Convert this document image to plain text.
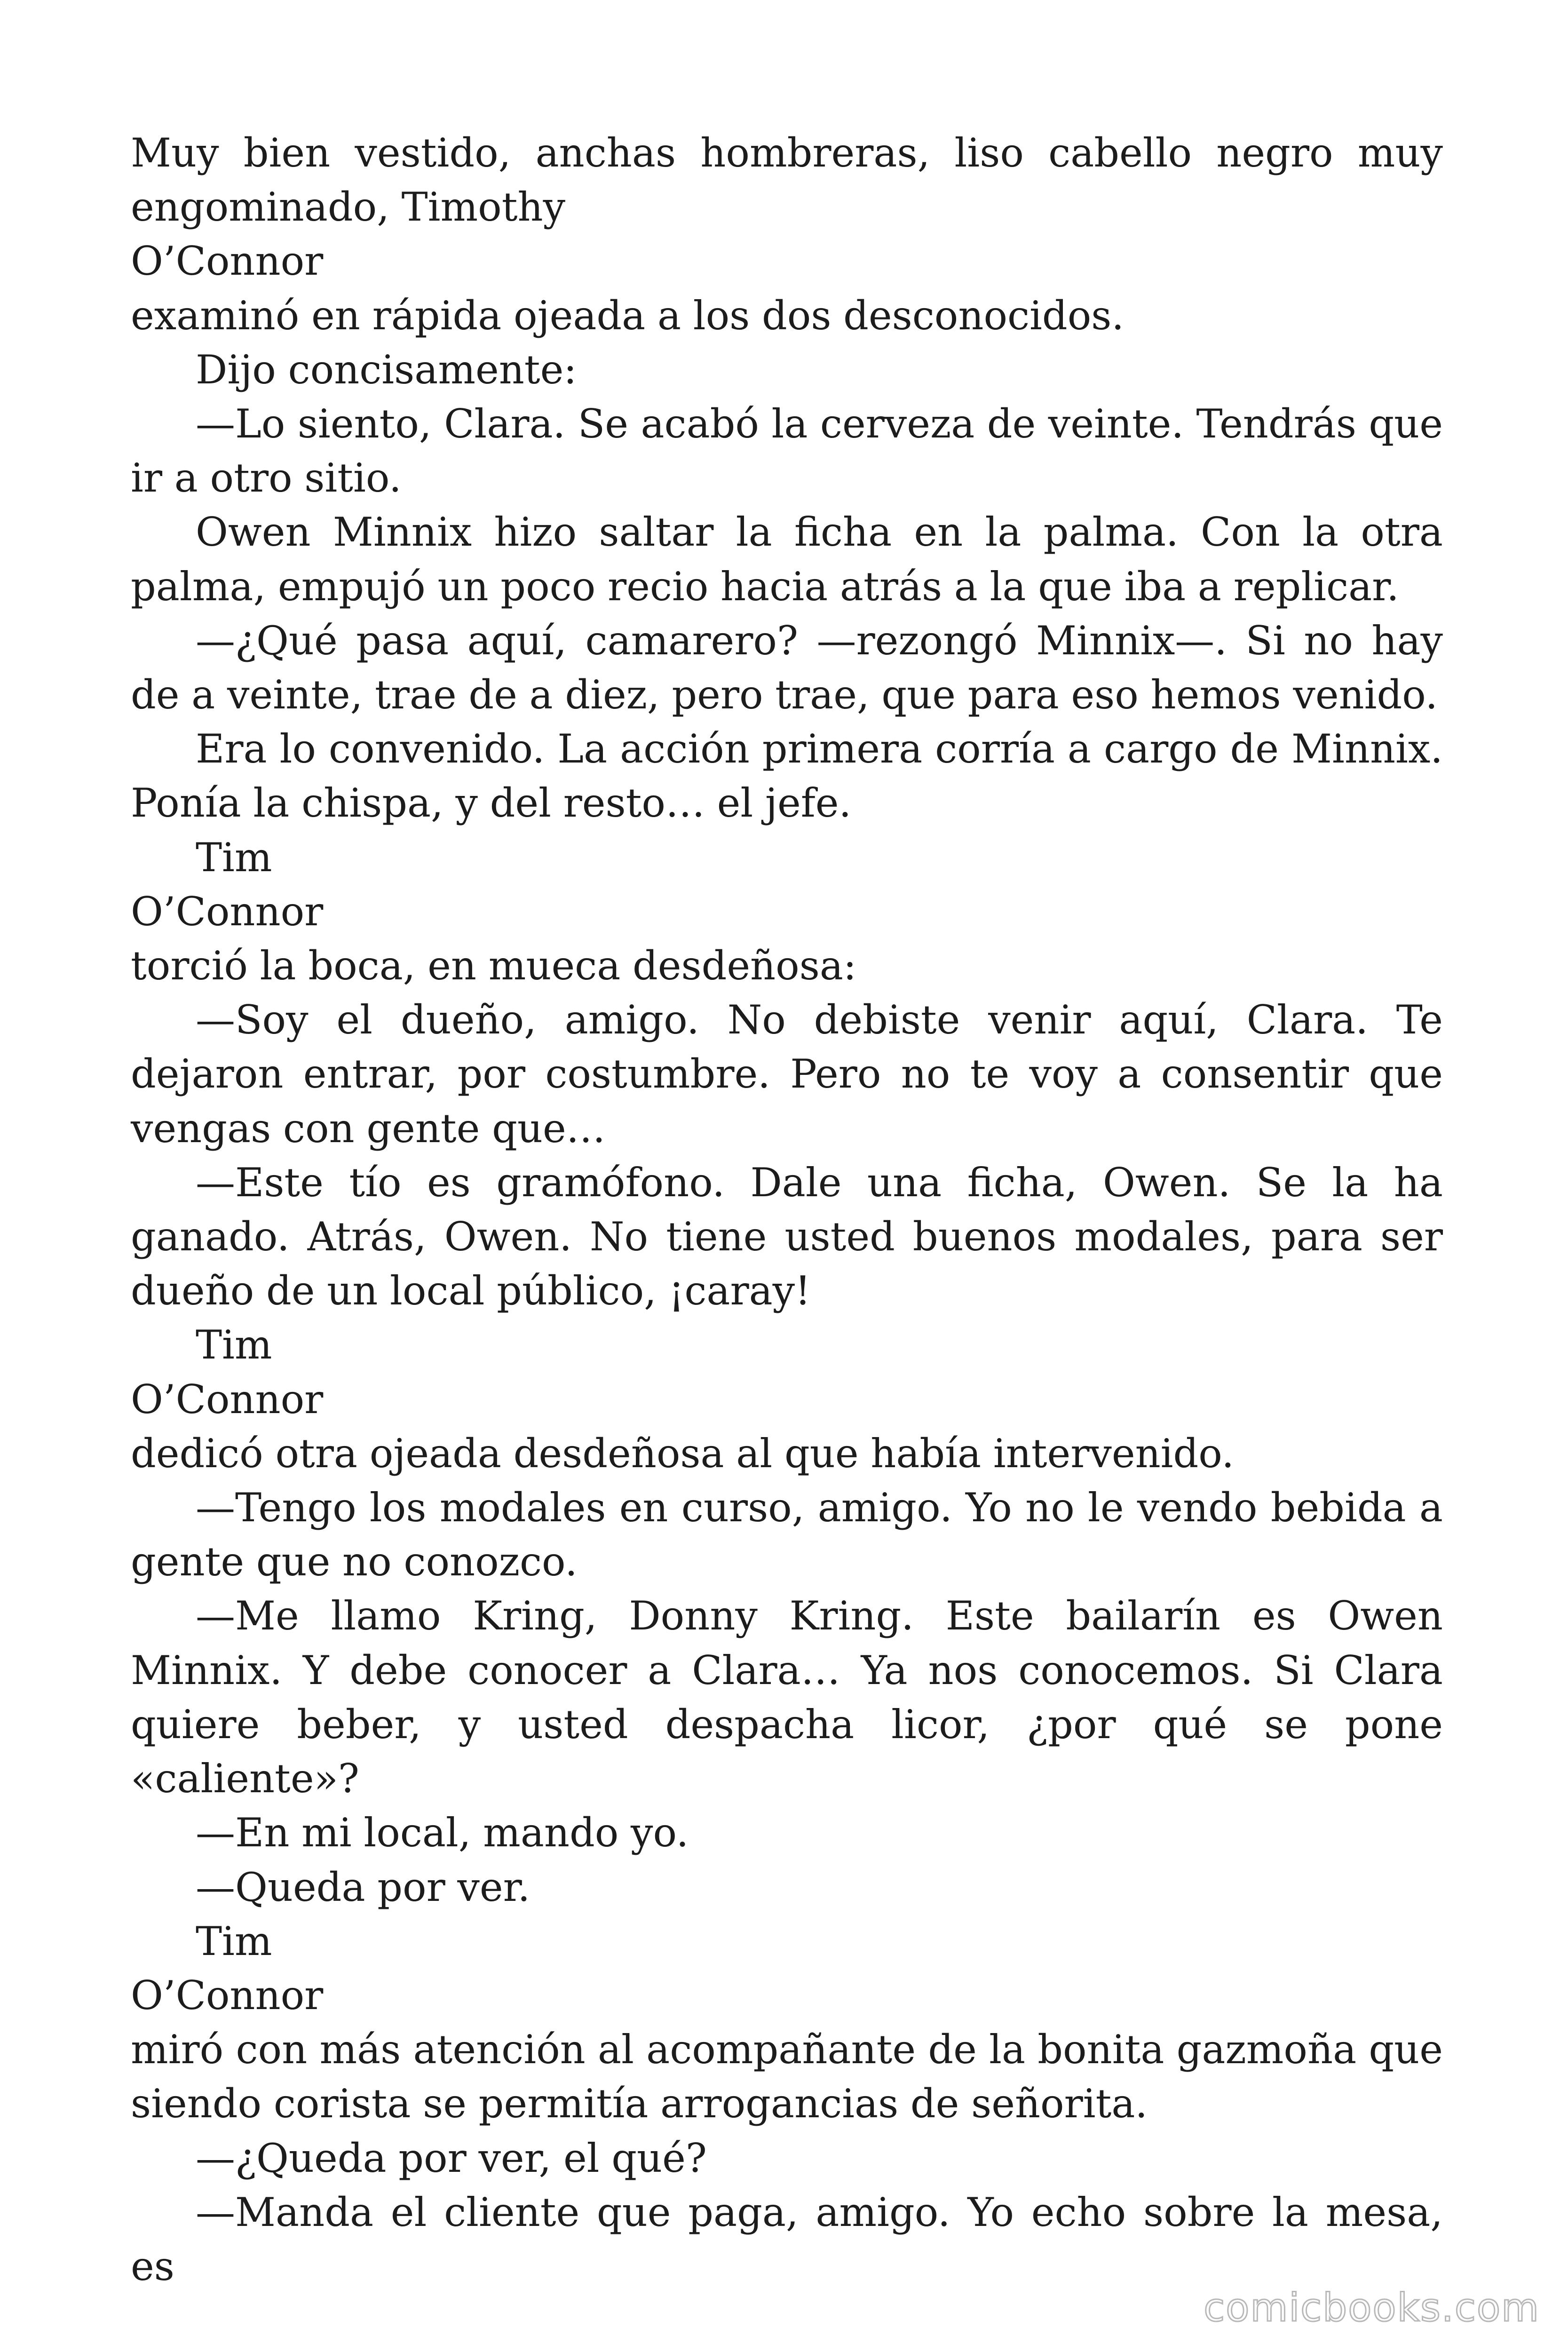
Muy bien vestido, anchas hombreras, liso cabello negro muy engominado, Timothy

O’Connor

examinó en rápida ojeada a los dos desconocidos.

Dijo concisamente:

—Lo siento, Clara. Se acabó la cerveza de veinte. Tendrás que ir a otro sitio.

Owen Minnix hizo saltar la ficha en la palma. Con la otra palma, empujó un poco recio hacia atrás a la que iba a replicar.

—¿Qué pasa aquí, camarero? —rezongó Minnix—. Si no hay de a veinte, trae de a diez, pero trae, que para eso hemos venido.

Era lo convenido. La acción primera corría a cargo de Minnix. Ponía la chispa, y del resto… el jefe.

Tim

O’Connor

torció la boca, en mueca desdeñosa:

—Soy el dueño, amigo. No debiste venir aquí, Clara. Te dejaron entrar, por costumbre. Pero no te voy a consentir que vengas con gente que…

—Este tío es gramófono. Dale una ficha, Owen. Se la ha ganado. Atrás, Owen. No tiene usted buenos modales, para ser dueño de un local público, ¡caray!

Tim

O’Connor

dedicó otra ojeada desdeñosa al que había intervenido.

—Tengo los modales en curso, amigo. Yo no le vendo bebida a gente que no conozco.

—Me llamo Kring, Donny Kring. Este bailarín es Owen Minnix. Y debe conocer a Clara… Ya nos conocemos. Si Clara quiere beber, y usted despacha licor, ¿por qué se pone «caliente»?

—En mi local, mando yo.

—Queda por ver.

Tim

O’Connor

miró con más atención al acompañante de la bonita gazmoña que siendo corista se permitía arrogancias de señorita.

—¿Queda por ver, el qué?

—Manda el cliente que paga, amigo. Yo echo sobre la mesa, es

comicbooks.com
